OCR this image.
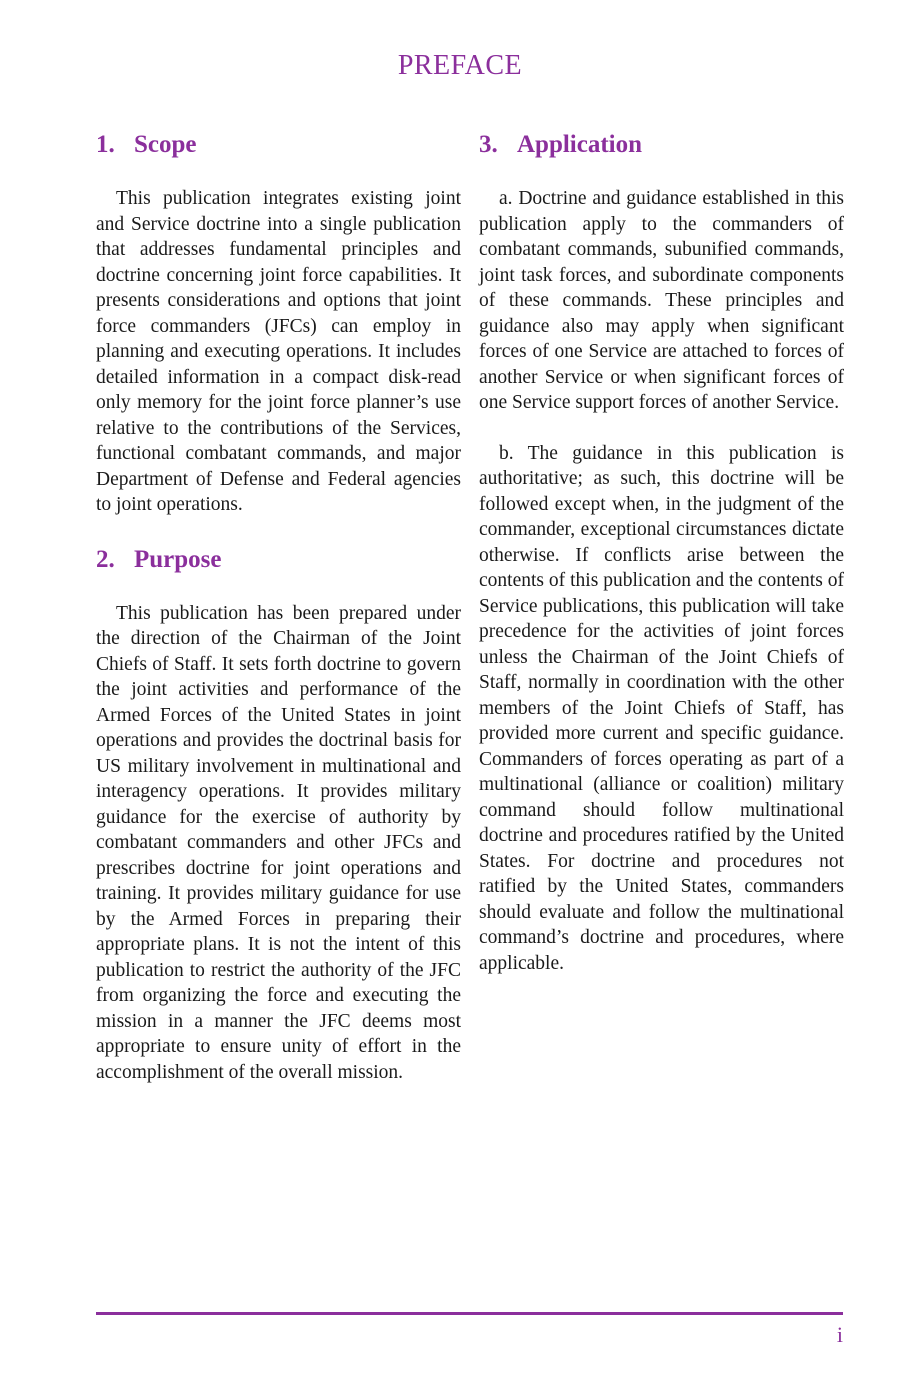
PREFACE
1. Scope

This publication integrates existing joint and Service doctrine into a single publication that addresses fundamental principles and doctrine concerning joint force capabilities. It presents considerations and options that joint force commanders (JFCs) can employ in planning and executing operations. It includes detailed information in a compact disk-read only memory for the joint force planner’s use relative to the contributions of the Services, functional combatant commands, and major Department of Defense and Federal agencies to joint operations.

2. Purpose

This publication has been prepared under the direction of the Chairman of the Joint Chiefs of Staff. It sets forth doctrine to govern the joint activities and performance of the Armed Forces of the United States in joint operations and provides the doctrinal basis for US military involvement in multinational and interagency operations. It provides military guidance for the exercise of authority by combatant commanders and other JFCs and prescribes doctrine for joint operations and training. It provides military guidance for use by the Armed Forces in preparing their appropriate plans. It is not the intent of this publication to restrict the authority of the JFC from organizing the force and executing the mission in a manner the JFC deems most appropriate to ensure unity of effort in the accomplishment of the overall mission.

3. Application

a. Doctrine and guidance established in this publication apply to the commanders of combatant commands, subunified commands, joint task forces, and subordinate components of these commands. These principles and guidance also may apply when significant forces of one Service are attached to forces of another Service or when significant forces of one Service support forces of another Service.

b. The guidance in this publication is authoritative; as such, this doctrine will be followed except when, in the judgment of the commander, exceptional circumstances dictate otherwise. If conflicts arise between the contents of this publication and the contents of Service publications, this publication will take precedence for the activities of joint forces unless the Chairman of the Joint Chiefs of Staff, normally in coordination with the other members of the Joint Chiefs of Staff, has provided more current and specific guidance. Commanders of forces operating as part of a multinational (alliance or coalition) military command should follow multinational doctrine and procedures ratified by the United States. For doctrine and procedures not ratified by the United States, commanders should evaluate and follow the multinational command’s doctrine and procedures, where applicable.

i
